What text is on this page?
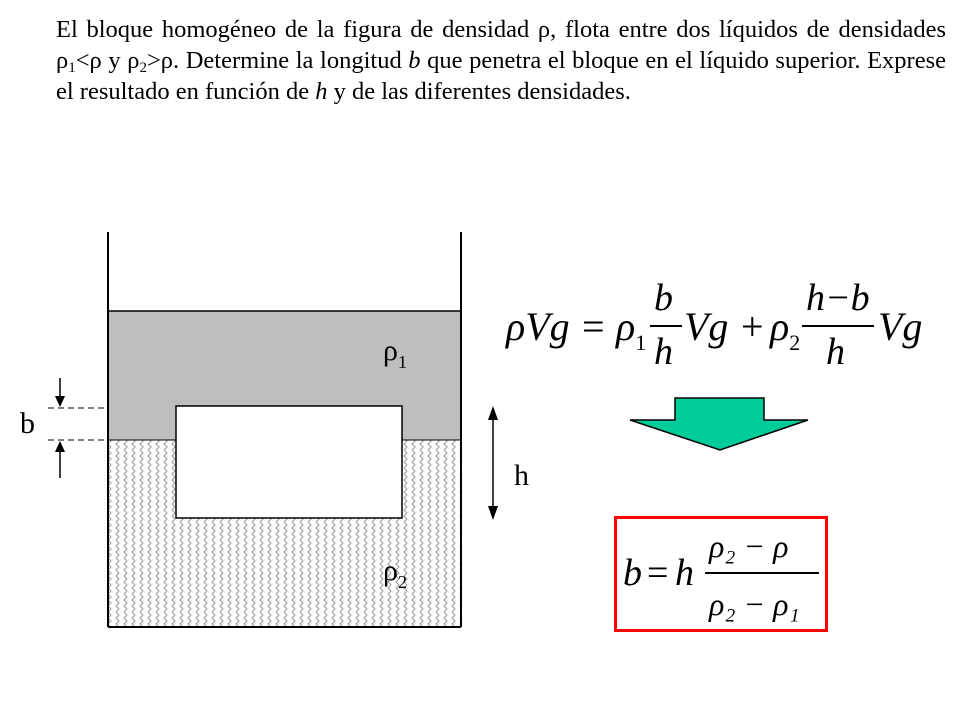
El bloque homogéneo de la figura de densidad ρ, flota entre dos líquidos de densidades $\rho_1<\rho$ y $\rho_2>\rho$. Determine la longitud b que penetra el bloque en el líquido superior. Exprese el resultado en función de h y de las diferentes densidades.
$\rho_1$
$\rho_2$
b
h
$\rho Vg = \rho_1$
b
h
$Vg + \rho_2$
h−b
h
Vg
b = h
ρ₂ − ρ
ρ₂ − ρ₁
